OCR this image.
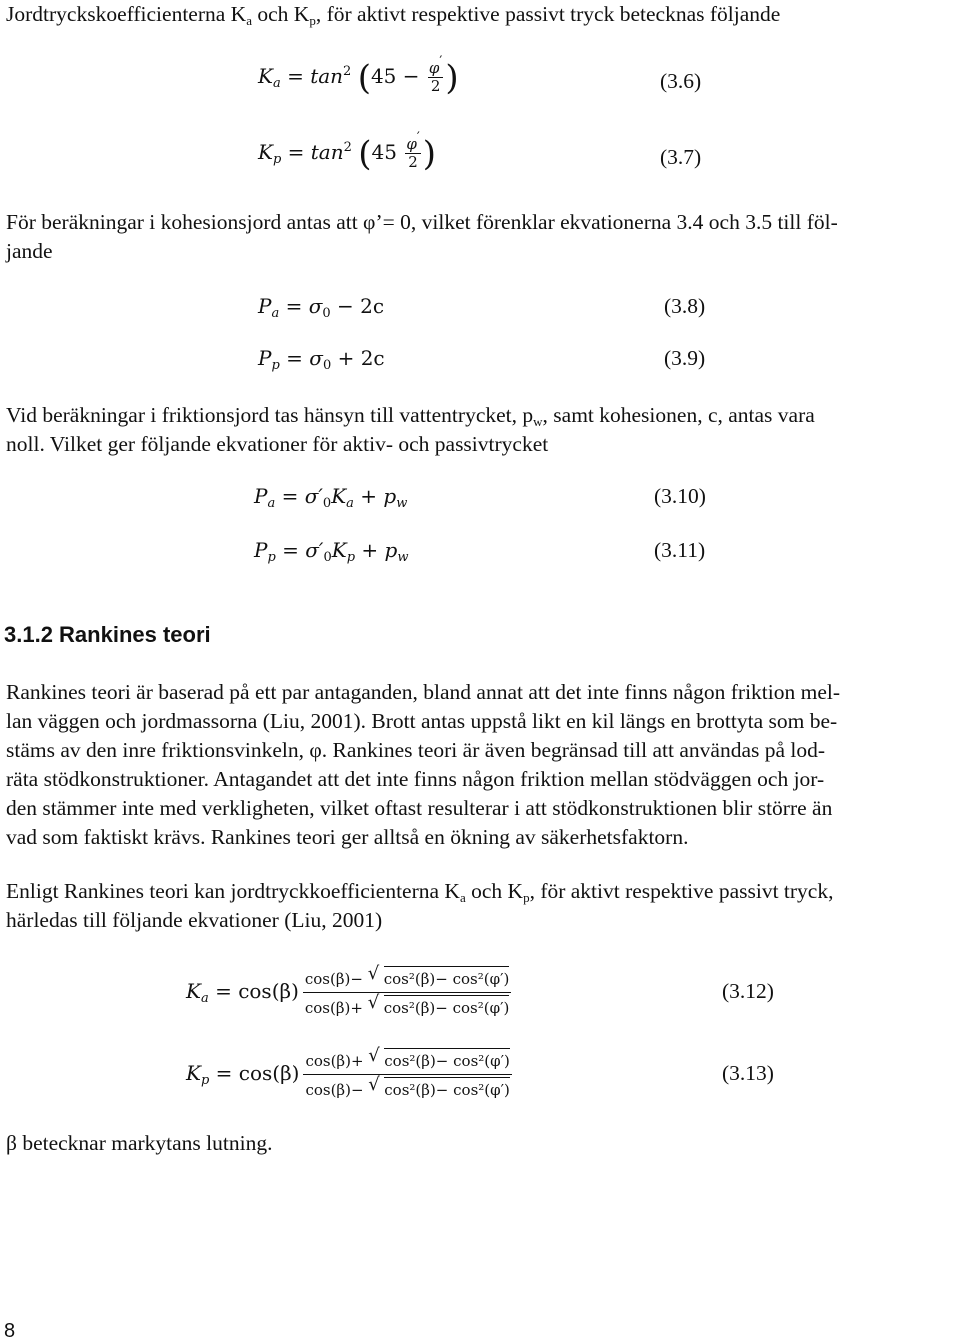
Jordtryckskoefficienterna $K_a$ och $K_p$, för aktivt respektive passivt tryck betecknas följande
$K_a = \tan^2 (45 - \frac{\varphi'}{2}$ )	(3.6)
$K_p = \tan^2 (45 \frac{\varphi'}{2}$ )	(3.7)
För beräkningar i kohesionsjord antas att φ’= 0, vilket förenklar ekvationerna 3.4 och 3.5 till föl-
jande
$P_a = \sigma_0 - 2c$	(3.8)
$P_p = \sigma_0 + 2c$	(3.9)
Vid beräkningar i friktionsjord tas hänsyn till vattentrycket, $p_w$, samt kohesionen, c, antas vara
noll. Vilket ger följande ekvationer för aktiv- och passivtrycket
$P_a = \sigma'_0K_a + p_w$	(3.10)
$P_p = \sigma'_0K_p + p_w$	(3.11)
3.1.2 Rankines teori
Rankines teori är baserad på ett par antaganden, bland annat att det inte finns någon friktion mel-
lan väggen och jordmassorna (Liu, 2001). Brott antas uppstå likt en kil längs en brottyta som be-
stäms av den inre friktionsvinkeln, φ. Rankines teori är även begränsad till att användas på lod-
räta stödkonstruktioner. Antagandet att det inte finns någon friktion mellan stödväggen och jor-
den stämmer inte med verkligheten, vilket oftast resulterar i att stödkonstruktionen blir större än
vad som faktiskt krävs. Rankines teori ger alltså en ökning av säkerhetsfaktorn.
Enligt Rankines teori kan jordtryckkoefficienterna $K_a$ och $K_p$, för aktivt respektive passivt tryck,
härledas till följande ekvationer (Liu, 2001)
$K_a = \cos(\beta) \frac{\text{cos(β)− √ cos²(β)− cos²(φ′)}}{\text{cos(β)+ √ cos²(β)− cos²(φ′)}}$	(3.12)
$K_p = \cos(\beta) \frac{\text{cos(β)+ √ cos²(β)− cos²(φ′)}}{\text{cos(β)− √ cos²(β)− cos²(φ′)}}$	(3.13)
β betecknar markytans lutning.
8
